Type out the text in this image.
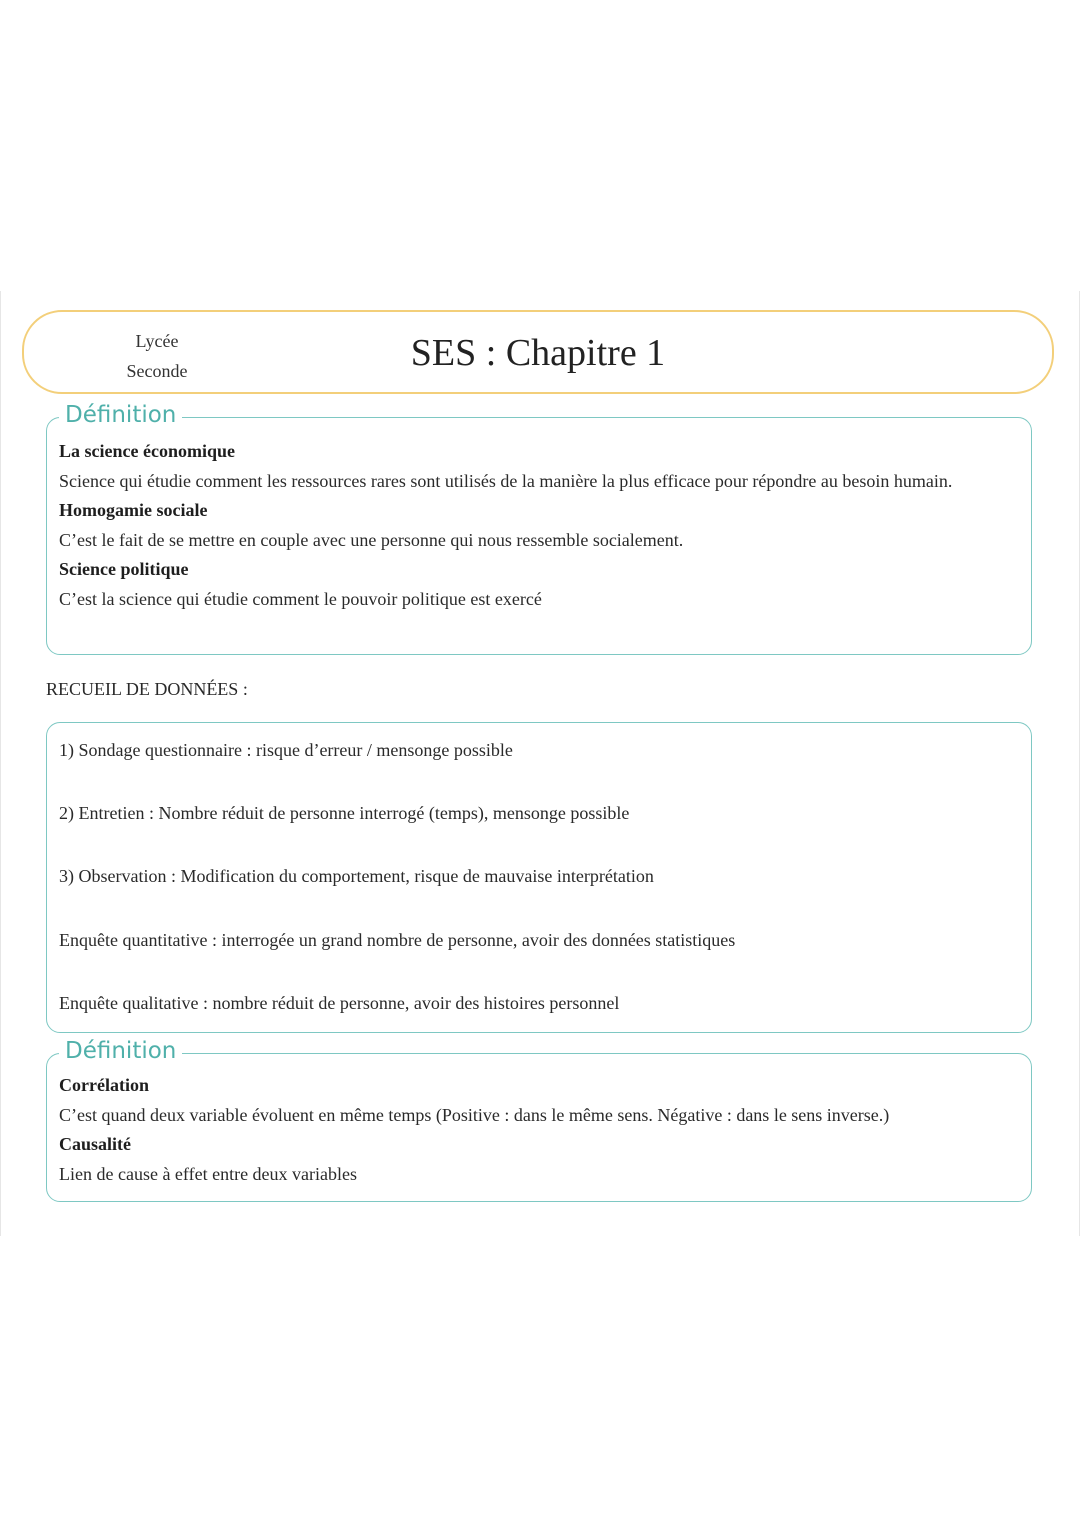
Lycée
Seconde	SES : Chapitre 1
Définition
La science économique
Science qui étudie comment les ressources rares sont utilisés de la manière la plus efficace pour répondre au besoin humain.
Homogamie sociale
C’est le fait de se mettre en couple avec une personne qui nous ressemble socialement.
Science politique
C’est la science qui étudie comment le pouvoir politique est exercé
RECUEIL DE DONNÉES :
1) Sondage questionnaire : risque d’erreur / mensonge possible
2) Entretien : Nombre réduit de personne interrogé (temps), mensonge possible
3) Observation : Modification du comportement, risque de mauvaise interprétation
Enquête quantitative : interrogée un grand nombre de personne, avoir des données statistiques
Enquête qualitative : nombre réduit de personne, avoir des histoires personnel
Définition
Corrélation
C’est quand deux variable évoluent en même temps (Positive : dans le même sens. Négative : dans le sens inverse.)
Causalité
Lien de cause à effet entre deux variables
